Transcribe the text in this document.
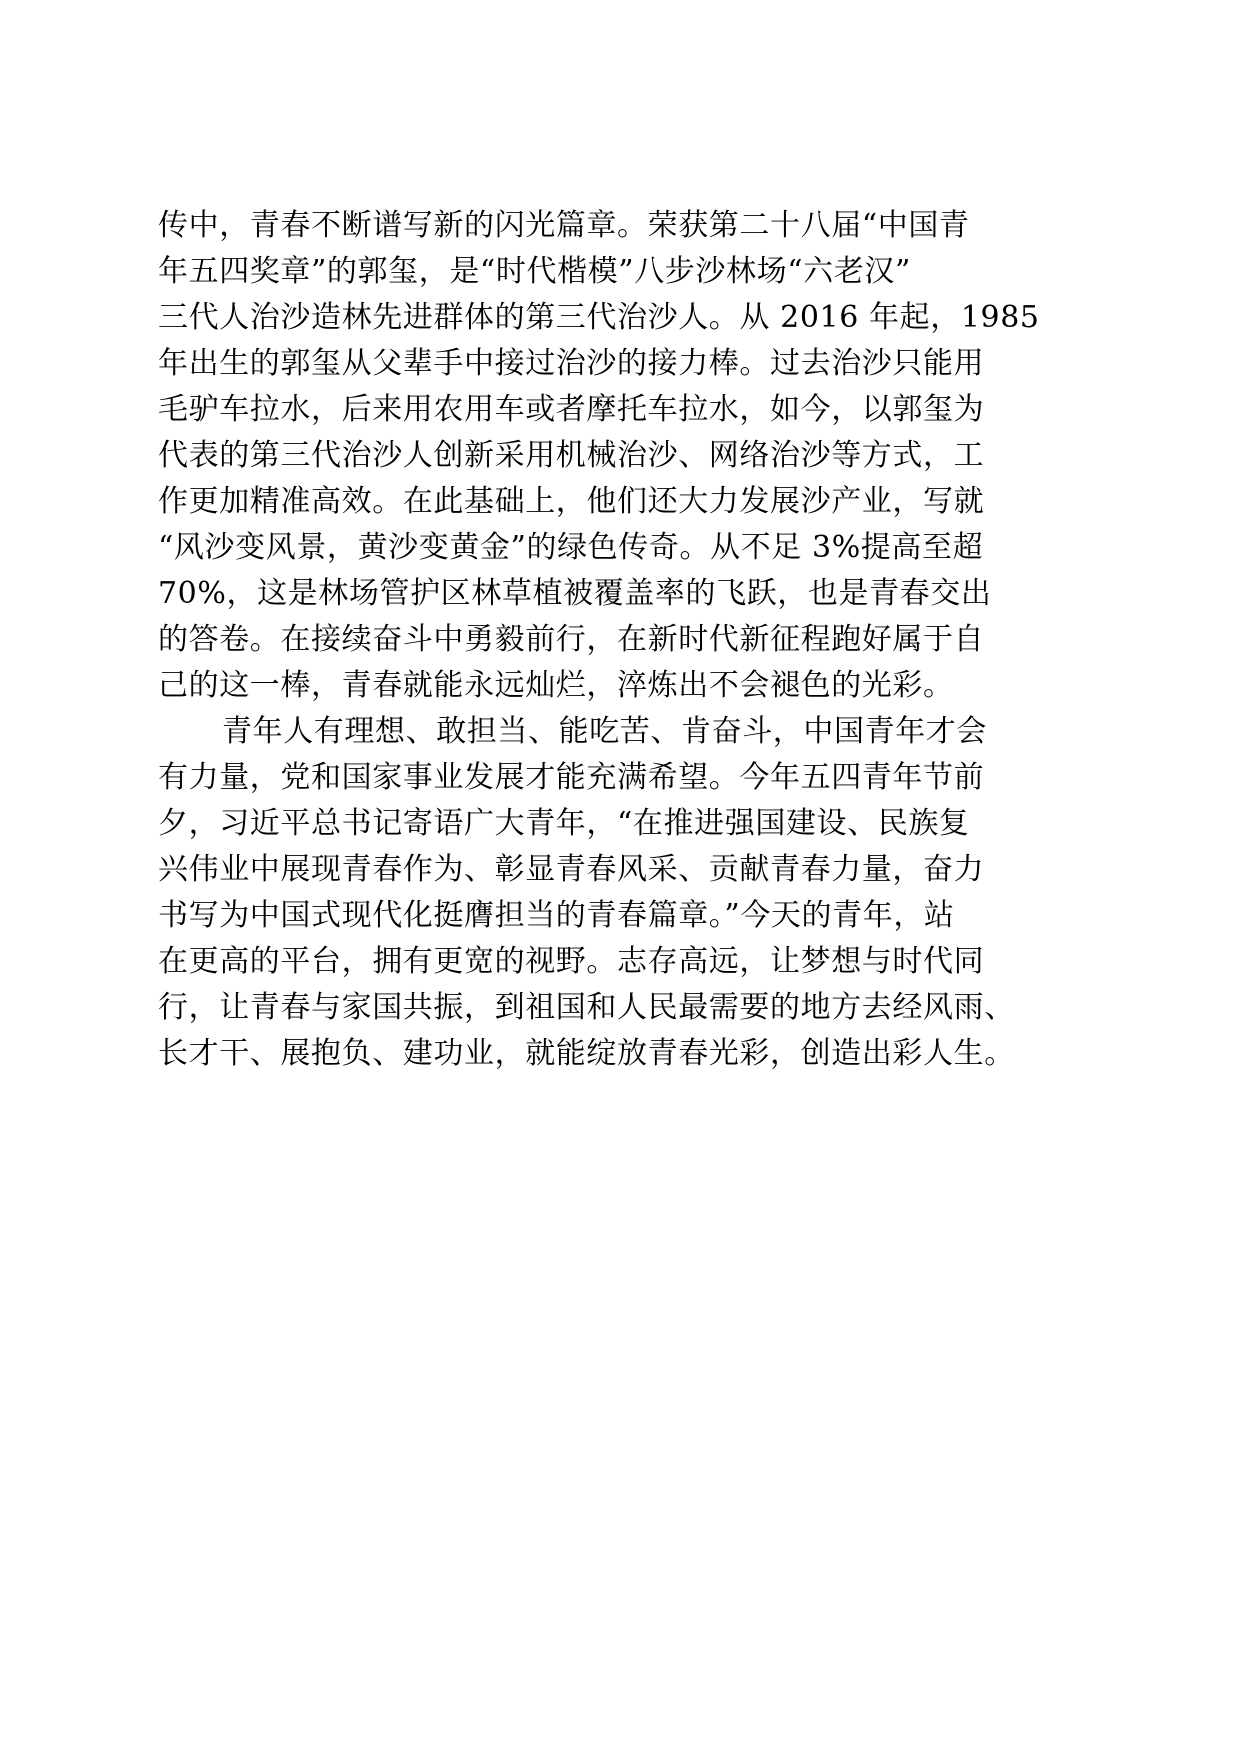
传中，青春不断谱写新的闪光篇章。荣获第二十八届“中国青
年五四奖章”的郭玺，是“时代楷模”八步沙林场“六老汉”
三代人治沙造林先进群体的第三代治沙人。从 2016 年起，1985
年出生的郭玺从父辈手中接过治沙的接力棒。过去治沙只能用
毛驴车拉水，后来用农用车或者摩托车拉水，如今，以郭玺为
代表的第三代治沙人创新采用机械治沙、网络治沙等方式，工
作更加精准高效。在此基础上，他们还大力发展沙产业，写就
“风沙变风景，黄沙变黄金”的绿色传奇。从不足 3%提高至超
70%，这是林场管护区林草植被覆盖率的飞跃，也是青春交出
的答卷。在接续奋斗中勇毅前行，在新时代新征程跑好属于自
己的这一棒，青春就能永远灿烂，淬炼出不会褪色的光彩。
青年人有理想、敢担当、能吃苦、肯奋斗，中国青年才会
有力量，党和国家事业发展才能充满希望。今年五四青年节前
夕，习近平总书记寄语广大青年，“在推进强国建设、民族复
兴伟业中展现青春作为、彰显青春风采、贡献青春力量，奋力
书写为中国式现代化挺膺担当的青春篇章。”今天的青年，站
在更高的平台，拥有更宽的视野。志存高远，让梦想与时代同
行，让青春与家国共振，到祖国和人民最需要的地方去经风雨、
长才干、展抱负、建功业，就能绽放青春光彩，创造出彩人生。
